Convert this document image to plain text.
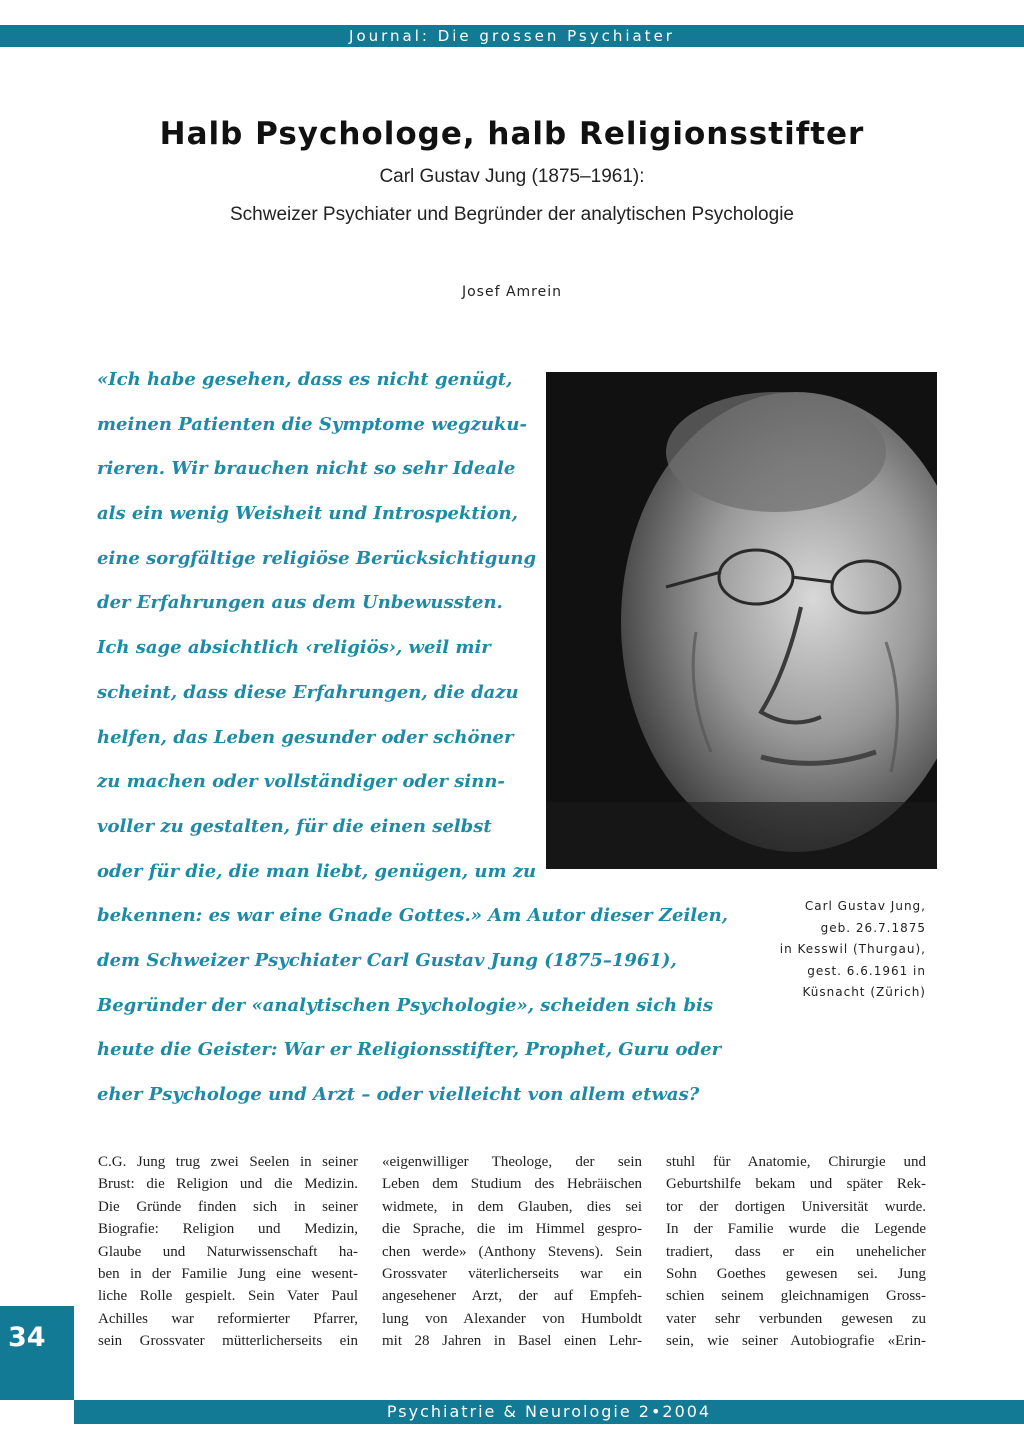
Journal: Die grossen Psychiater
Halb Psychologe, halb Religionsstifter
Carl Gustav Jung (1875–1961):
Schweizer Psychiater und Begründer der analytischen Psychologie
Josef Amrein
«Ich habe gesehen, dass es nicht genügt,
meinen Patienten die Symptome wegzuku-
rieren. Wir brauchen nicht so sehr Ideale
als ein wenig Weisheit und Introspektion,
eine sorgfältige religiöse Berücksichtigung
der Erfahrungen aus dem Unbewussten.
Ich sage absichtlich ‹religiös›, weil mir
scheint, dass diese Erfahrungen, die dazu
helfen, das Leben gesunder oder schöner
zu machen oder vollständiger oder sinn-
voller zu gestalten, für die einen selbst
oder für die, die man liebt, genügen, um zu
bekennen: es war eine Gnade Gottes.» Am Autor dieser Zeilen,
dem Schweizer Psychiater Carl Gustav Jung (1875–1961),
Begründer der «analytischen Psychologie», scheiden sich bis
heute die Geister: War er Religionsstifter, Prophet, Guru oder
eher Psychologe und Arzt – oder vielleicht von allem etwas?
Carl Gustav Jung,
geb. 26.7.1875
in Kesswil (Thurgau),
gest. 6.6.1961 in
Küsnacht (Zürich)
C.G. Jung trug zwei Seelen in seiner
Brust: die Religion und die Medizin.
Die Gründe finden sich in seiner
Biografie: Religion und Medizin,
Glaube und Naturwissenschaft ha-
ben in der Familie Jung eine wesent-
liche Rolle gespielt. Sein Vater Paul
Achilles war reformierter Pfarrer,
sein Grossvater mütterlicherseits ein
«eigenwilliger Theologe, der sein
Leben dem Studium des Hebräischen
widmete, in dem Glauben, dies sei
die Sprache, die im Himmel gespro-
chen werde» (Anthony Stevens). Sein
Grossvater väterlicherseits war ein
angesehener Arzt, der auf Empfeh-
lung von Alexander von Humboldt
mit 28 Jahren in Basel einen Lehr-
stuhl für Anatomie, Chirurgie und
Geburtshilfe bekam und später Rek-
tor der dortigen Universität wurde.
In der Familie wurde die Legende
tradiert, dass er ein unehelicher
Sohn Goethes gewesen sei. Jung
schien seinem gleichnamigen Gross-
vater sehr verbunden gewesen zu
sein, wie seiner Autobiografie «Erin-
34
Psychiatrie & Neurologie 2•2004
